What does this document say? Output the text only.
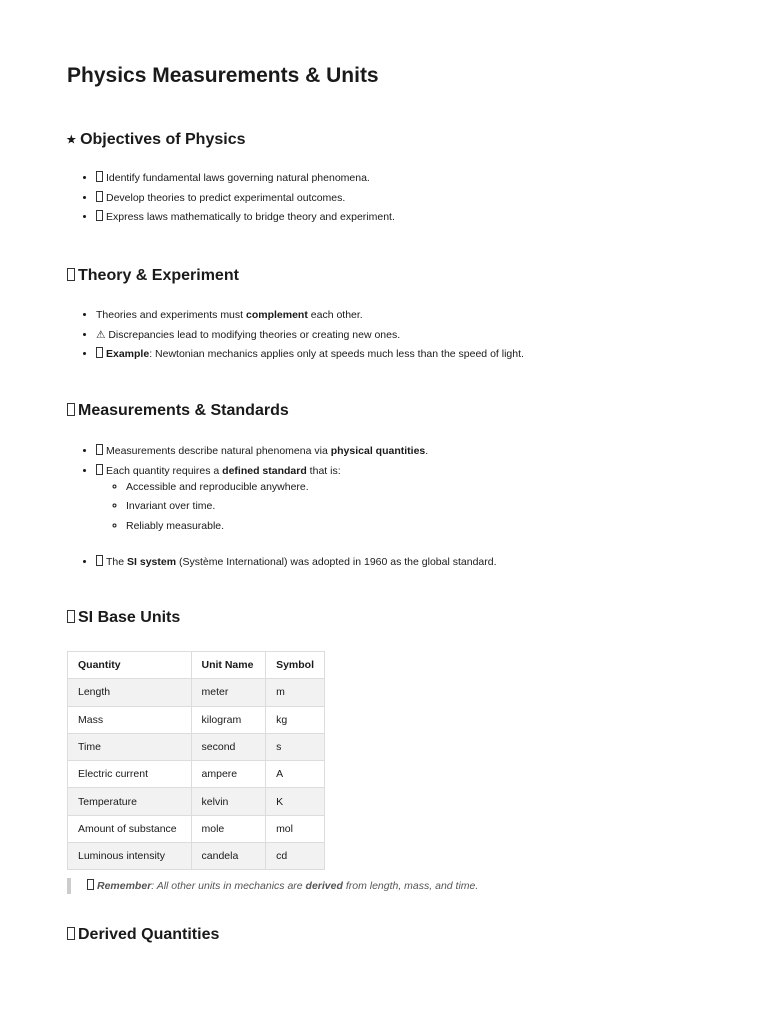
Physics Measurements & Units
⭑ Objectives of Physics
• Identify fundamental laws governing natural phenomena.
• Develop theories to predict experimental outcomes.
• Express laws mathematically to bridge theory and experiment.
Theory & Experiment
• Theories and experiments must complement each other.
• ⚠ Discrepancies lead to modifying theories or creating new ones.
• Example: Newtonian mechanics applies only at speeds much less than the speed of light.
Measurements & Standards
• Measurements describe natural phenomena via physical quantities.
• Each quantity requires a defined standard that is:
◦ Accessible and reproducible anywhere.
◦ Invariant over time.
◦ Reliably measurable.
• The SI system (Système International) was adopted in 1960 as the global standard.
SI Base Units
Quantity	Unit Name	Symbol
Length	meter	m
Mass	kilogram	kg
Time	second	s
Electric current	ampere	A
Temperature	kelvin	K
Amount of substance	mole	mol
Luminous intensity	candela	cd
Remember: All other units in mechanics are derived from length, mass, and time.
Derived Quantities
